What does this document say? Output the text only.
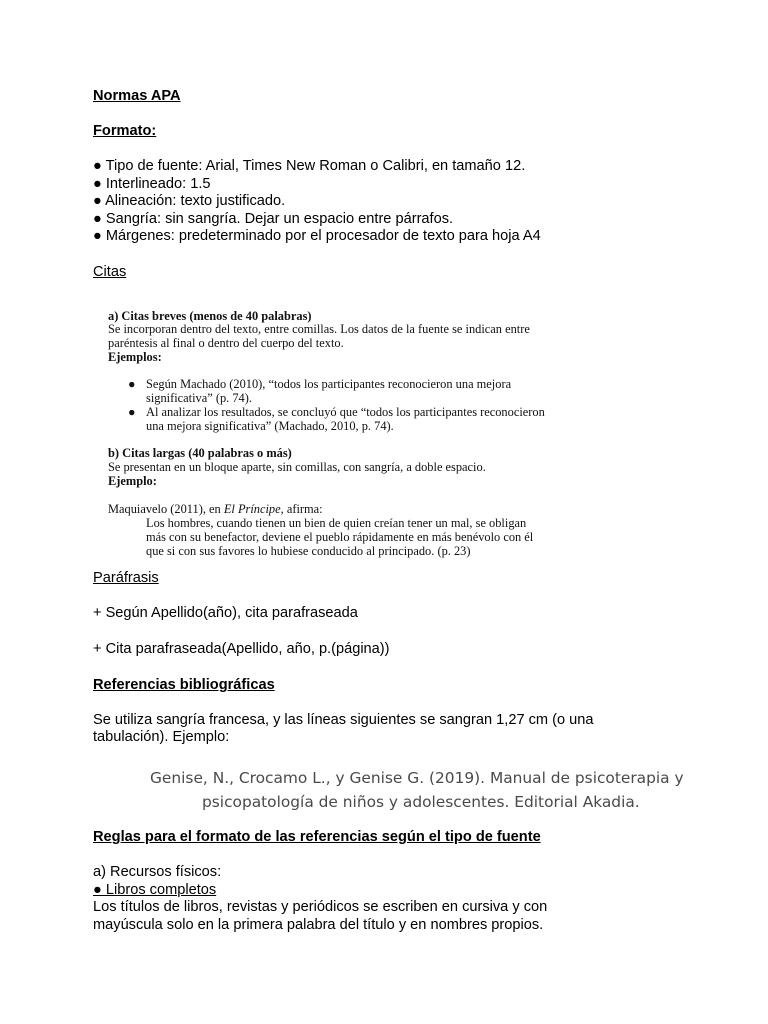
Normas APA
Formato:
● Tipo de fuente: Arial, Times New Roman o Calibri, en tamaño 12.
● Interlineado: 1.5
● Alineación: texto justificado.
● Sangría: sin sangría. Dejar un espacio entre párrafos.
● Márgenes: predeterminado por el procesador de texto para hoja A4
Citas
a) Citas breves (menos de 40 palabras)
Se incorporan dentro del texto, entre comillas. Los datos de la fuente se indican entre
paréntesis al final o dentro del cuerpo del texto.
Ejemplos:
● Según Machado (2010), “todos los participantes reconocieron una mejora
significativa” (p. 74).
● Al analizar los resultados, se concluyó que “todos los participantes reconocieron
una mejora significativa” (Machado, 2010, p. 74).
b) Citas largas (40 palabras o más)
Se presentan en un bloque aparte, sin comillas, con sangría, a doble espacio.
Ejemplo:
Maquiavelo (2011), en El Príncipe, afirma:
Los hombres, cuando tienen un bien de quien creían tener un mal, se obligan
más con su benefactor, deviene el pueblo rápidamente en más benévolo con él
que si con sus favores lo hubiese conducido al principado. (p. 23)
Paráfrasis
+ Según Apellido(año), cita parafraseada
+ Cita parafraseada(Apellido, año, p.(página))
Referencias bibliográficas
Se utiliza sangría francesa, y las líneas siguientes se sangran 1,27 cm (o una
tabulación). Ejemplo:
Genise, N., Crocamo L., y Genise G. (2019). Manual de psicoterapia y
psicopatología de niños y adolescentes. Editorial Akadia.
Reglas para el formato de las referencias según el tipo de fuente
a) Recursos físicos:
● Libros completos
Los títulos de libros, revistas y periódicos se escriben en cursiva y con
mayúscula solo en la primera palabra del título y en nombres propios.
